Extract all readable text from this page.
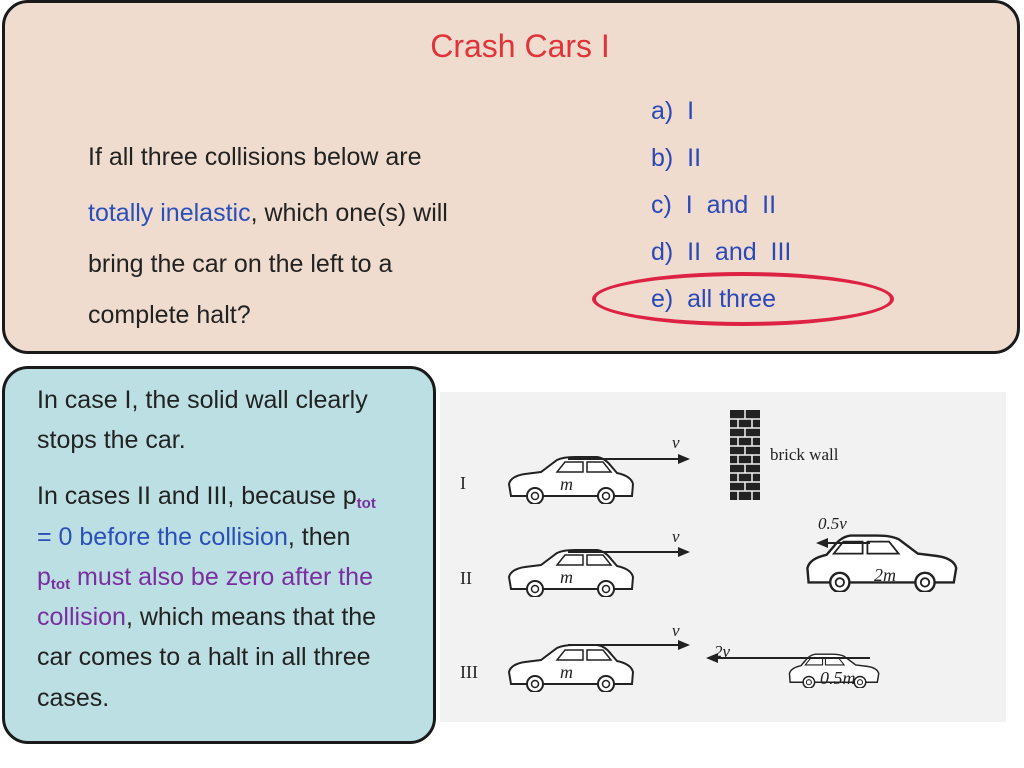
Crash Cars I
If all three collisions below are
totally inelastic, which one(s) will
bring the car on the left to a
complete halt?
a) I
b) II
c) I  and  II
d) II  and  III
e) all three
In case I, the solid wall clearly
stops the car.
In cases II and III, because $p_{tot}$
= 0 before the collision, then
$p_{tot}$ must also be zero after the
collision, which means that the
car comes to a halt in all three
cases.
I
II
III
m
v
brick wall
m
v
2m
0.5v
m
v
0.5m
2v
